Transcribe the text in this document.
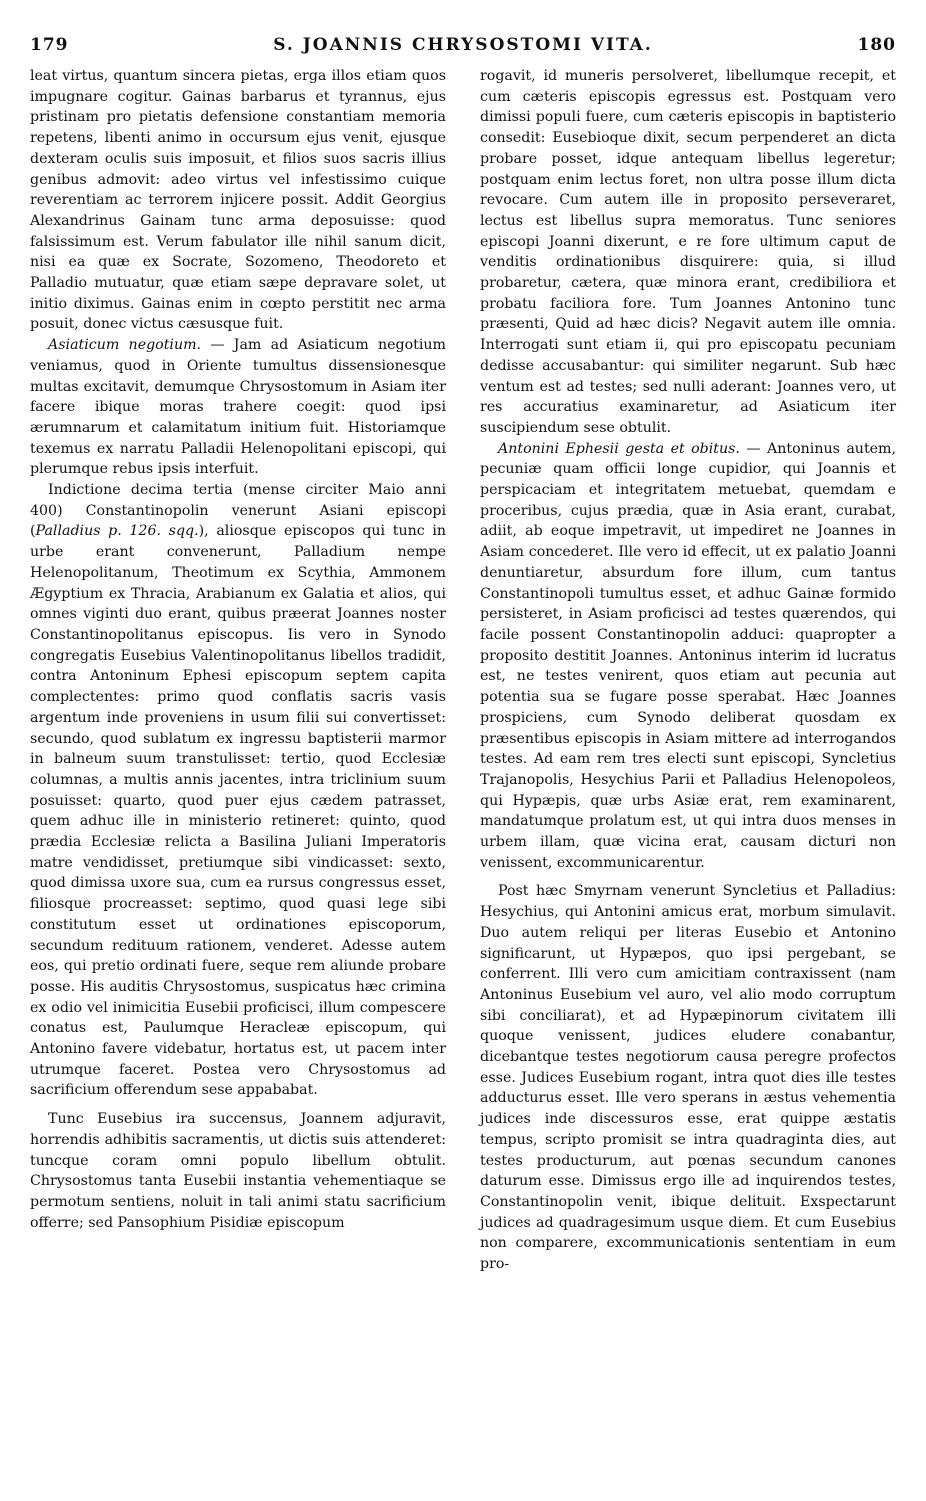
179	S. JOANNIS CHRYSOSTOMI VITA.	180

leat virtus, quantum sincera pietas, erga illos etiam quos impugnare cogitur. Gainas barbarus et tyrannus, ejus pristinam pro pietatis defensione constantiam memoria repetens, libenti animo in occursum ejus venit, ejusque dexteram oculis suis imposuit, et filios suos sacris illius genibus admovit: adeo virtus vel infestissimo cuique reverentiam ac terrorem injicere possit. Addit Georgius Alexandrinus Gainam tunc arma deposuisse: quod falsissimum est. Verum fabulator ille nihil sanum dicit, nisi ea quæ ex Socrate, Sozomeno, Theodoreto et Palladio mutuatur, quæ etiam sæpe depravare solet, ut initio diximus. Gainas enim in cœpto perstitit nec arma posuit, donec victus cæsusque fuit.

Asiaticum negotium. — Jam ad Asiaticum negotium veniamus, quod in Oriente tumultus dissensionesque multas excitavit, demumque Chrysostomum in Asiam iter facere ibique moras trahere coegit: quod ipsi ærumnarum et calamitatum initium fuit. Historiamque texemus ex narratu Palladii Helenopolitani episcopi, qui plerumque rebus ipsis interfuit.

Indictione decima tertia (mense circiter Maio anni 400) Constantinopolin venerunt Asiani episcopi (Palladius p. 126. sqq.), aliosque episcopos qui tunc in urbe erant convenerunt, Palladium nempe Helenopolitanum, Theotimum ex Scythia, Ammonem Ægyptium ex Thracia, Arabianum ex Galatia et alios, qui omnes viginti duo erant, quibus præerat Joannes noster Constantinopolitanus episcopus. Iis vero in Synodo congregatis Eusebius Valentinopolitanus libellos tradidit, contra Antoninum Ephesi episcopum septem capita complectentes: primo quod conflatis sacris vasis argentum inde proveniens in usum filii sui convertisset: secundo, quod sublatum ex ingressu baptisterii marmor in balneum suum transtulisset: tertio, quod Ecclesiæ columnas, a multis annis jacentes, intra triclinium suum posuisset: quarto, quod puer ejus cædem patrasset, quem adhuc ille in ministerio retineret: quinto, quod prædia Ecclesiæ relicta a Basilina Juliani Imperatoris matre vendidisset, pretiumque sibi vindicasset: sexto, quod dimissa uxore sua, cum ea rursus congressus esset, filiosque procreasset: septimo, quod quasi lege sibi constitutum esset ut ordinationes episcoporum, secundum redituum rationem, venderet. Adesse autem eos, qui pretio ordinati fuere, seque rem aliunde probare posse. His auditis Chrysostomus, suspicatus hæc crimina ex odio vel inimicitia Eusebii proficisci, illum compescere conatus est, Paulumque Heracleæ episcopum, qui Antonino favere videbatur, hortatus est, ut pacem inter utrumque faceret. Postea vero Chrysostomus ad sacrificium offerendum sese appababat.

Tunc Eusebius ira succensus, Joannem adjuravit, horrendis adhibitis sacramentis, ut dictis suis attenderet: tuncque coram omni populo libellum obtulit. Chrysostomus tanta Eusebii instantia vehementiaque se permotum sentiens, noluit in tali animi statu sacrificium offerre; sed Pansophium Pisidiæ episcopum

rogavit, id muneris persolveret, libellumque recepit, et cum cæteris episcopis egressus est. Postquam vero dimissi populi fuere, cum cæteris episcopis in baptisterio consedit: Eusebioque dixit, secum perpenderet an dicta probare posset, idque antequam libellus legeretur; postquam enim lectus foret, non ultra posse illum dicta revocare. Cum autem ille in proposito perseveraret, lectus est libellus supra memoratus. Tunc seniores episcopi Joanni dixerunt, e re fore ultimum caput de venditis ordinationibus disquirere: quia, si illud probaretur, cætera, quæ minora erant, credibiliora et probatu faciliora fore. Tum Joannes Antonino tunc præsenti, Quid ad hæc dicis? Negavit autem ille omnia. Interrogati sunt etiam ii, qui pro episcopatu pecuniam dedisse accusabantur: qui similiter negarunt. Sub hæc ventum est ad testes; sed nulli aderant: Joannes vero, ut res accuratius examinaretur, ad Asiaticum iter suscipiendum sese obtulit.

Antonini Ephesii gesta et obitus. — Antoninus autem, pecuniæ quam officii longe cupidior, qui Joannis et perspicaciam et integritatem metuebat, quemdam e proceribus, cujus prædia, quæ in Asia erant, curabat, adiit, ab eoque impetravit, ut impediret ne Joannes in Asiam concederet. Ille vero id effecit, ut ex palatio Joanni denuntiaretur, absurdum fore illum, cum tantus Constantinopoli tumultus esset, et adhuc Gainæ formido persisteret, in Asiam proficisci ad testes quærendos, qui facile possent Constantinopolin adduci: quapropter a proposito destitit Joannes. Antoninus interim id lucratus est, ne testes venirent, quos etiam aut pecunia aut potentia sua se fugare posse sperabat. Hæc Joannes prospiciens, cum Synodo deliberat quosdam ex præsentibus episcopis in Asiam mittere ad interrogandos testes. Ad eam rem tres electi sunt episcopi, Syncletius Trajanopolis, Hesychius Parii et Palladius Helenopoleos, qui Hypæpis, quæ urbs Asiæ erat, rem examinarent, mandatumque prolatum est, ut qui intra duos menses in urbem illam, quæ vicina erat, causam dicturi non venissent, excommunicarentur.

Post hæc Smyrnam venerunt Syncletius et Palladius: Hesychius, qui Antonini amicus erat, morbum simulavit. Duo autem reliqui per literas Eusebio et Antonino significarunt, ut Hypæpos, quo ipsi pergebant, se conferrent. Illi vero cum amicitiam contraxissent (nam Antoninus Eusebium vel auro, vel alio modo corruptum sibi conciliarat), et ad Hypæpinorum civitatem illi quoque venissent, judices eludere conabantur, dicebantque testes negotiorum causa peregre profectos esse. Judices Eusebium rogant, intra quot dies ille testes adducturus esset. Ille vero sperans in æstus vehementia judices inde discessuros esse, erat quippe æstatis tempus, scripto promisit se intra quadraginta dies, aut testes producturum, aut pœnas secundum canones daturum esse. Dimissus ergo ille ad inquirendos testes, Constantinopolin venit, ibique delituit. Exspectarunt judices ad quadragesimum usque diem. Et cum Eusebius non comparere, excommunicationis sententiam in eum pro-
